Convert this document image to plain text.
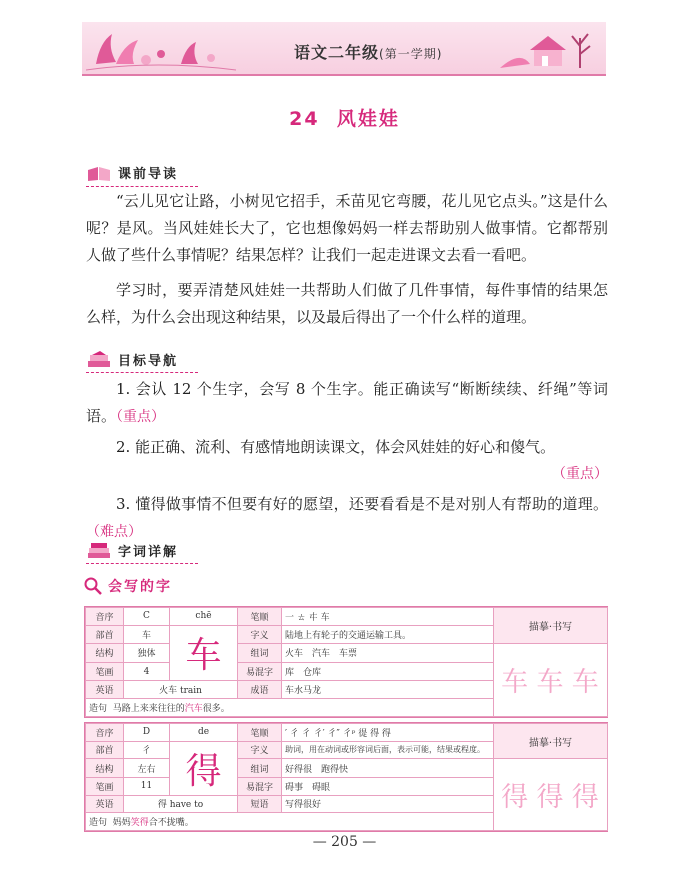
语文二年级(第一学期)
24 风娃娃
课前导读

“云儿见它让路，小树见它招手，禾苗见它弯腰，花儿见它点头。”这是什么呢？是风。当风娃娃长大了，它也想像妈妈一样去帮助别人做事情。它都帮别人做了些什么事情呢？结果怎样？让我们一起走进课文去看一看吧。

学习时，要弄清楚风娃娃一共帮助人们做了几件事情，每件事情的结果怎么样，为什么会出现这种结果，以及最后得出了一个什么样的道理。

目标导航

1. 会认 12 个生字，会写 8 个生字。能正确读写“断断续续、纤绳”等词语。（重点）

2. 能正确、流利、有感情地朗读课文，体会风娃娃的好心和傻气。

（重点）

3. 懂得做事情不但要有好的愿望，还要看看是不是对别人有帮助的道理。（难点）

字词详解
会写的字
音序	C	chē	笔顺	一 ㄊ 㐄 车	描摹·书写
部首	车	车	字义	陆地上有轮子的交通运输工具。	
结构	独体		组词	火车　汽车　车票	车 车 车
笔画	4		易混字	库　仓库	
英语	火车 train		成语	车水马龙	
造句 马路上来来往往的汽车很多。					
音序	D	de	笔顺	′ 彳 彳 彳′ 彳″ 彳ᵖ 徥 得 得	描摹·书写
部首	彳	得	字义	助词，用在动词或形容词后面，表示可能，结果或程度。	
结构	左右		组词	好得很　跑得快	得 得 得
笔画	11		易混字	碍事　碍眼	
英语	得 have to		短语	写得很好	
造句 妈妈笑得合不拢嘴。					
— 205 —
